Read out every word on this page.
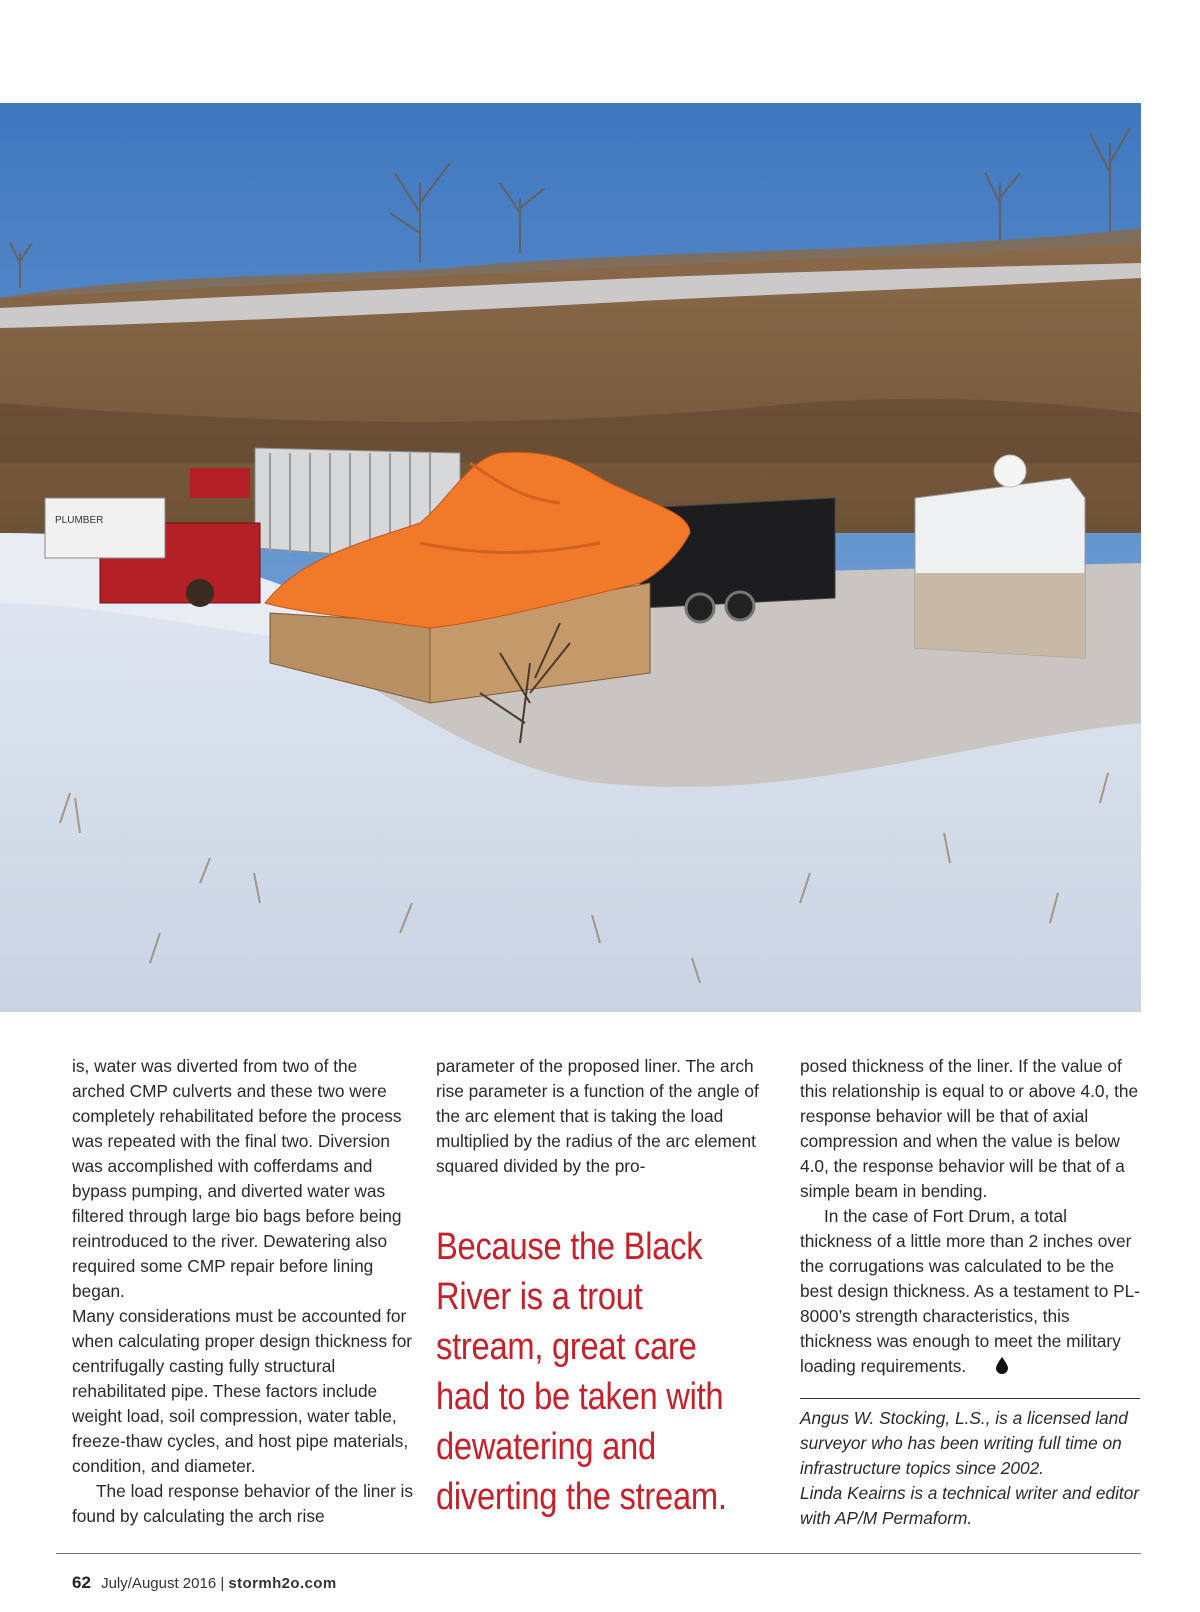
PLUMBER

is, water was diverted from two of the arched CMP culverts and these two were completely rehabilitated before the process was repeated with the final two. Diversion was accomplished with cofferdams and bypass pumping, and diverted water was filtered through large bio bags before being reintroduced to the river. Dewatering also required some CMP repair before lining began.

Many considerations must be accounted for when calculating proper design thickness for centrifugally casting fully structural rehabilitated pipe. These factors include weight load, soil compression, water table, freeze-thaw cycles, and host pipe materials, condition, and diameter.

The load response behavior of the liner is found by calculating the arch rise

parameter of the proposed liner. The arch rise parameter is a function of the angle of the arc element that is taking the load multiplied by the radius of the arc element squared divided by the pro-

Because the Black River is a trout stream, great care had to be taken with dewatering and diverting the stream.

posed thickness of the liner. If the value of this relationship is equal to or above 4.0, the response behavior will be that of axial compression and when the value is below 4.0, the response behavior will be that of a simple beam in bending.

In the case of Fort Drum, a total thickness of a little more than 2 inches over the corrugations was calculated to be the best design thickness. As a testament to PL-8000’s strength characteristics, this thickness was enough to meet the military loading requirements.

Angus W. Stocking, L.S., is a licensed land surveyor who has been writing full time on infrastructure topics since 2002.
Linda Keairns is a technical writer and editor with AP/M Permaform.

62 July/August 2016 | stormh2o.com
